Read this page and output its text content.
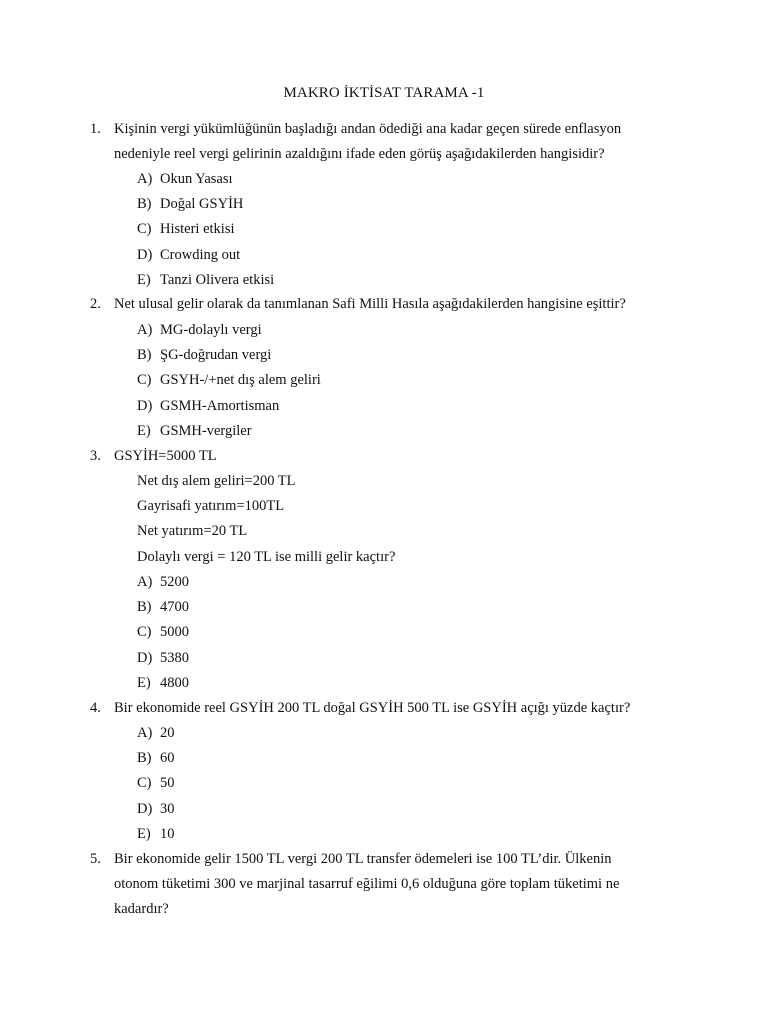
MAKRO İKTİSAT TARAMA -1
1. Kişinin vergi yükümlüğünün başladığı andan ödediği ana kadar geçen sürede enflasyon
nedeniyle reel vergi gelirinin azaldığını ifade eden görüş aşağıdakilerden hangisidir?
A) Okun Yasası
B) Doğal GSYİH
C) Histeri etkisi
D) Crowding out
E) Tanzi Olivera etkisi
2. Net ulusal gelir olarak da tanımlanan Safi Milli Hasıla aşağıdakilerden hangisine eşittir?
A) MG-dolaylı vergi
B) ŞG-doğrudan vergi
C) GSYH-/+net dış alem geliri
D) GSMH-Amortisman
E) GSMH-vergiler
3. GSYİH=5000 TL
Net dış alem geliri=200 TL
Gayrisafi yatırım=100TL
Net yatırım=20 TL
Dolaylı vergi = 120 TL ise milli gelir kaçtır?
A) 5200
B) 4700
C) 5000
D) 5380
E) 4800
4. Bir ekonomide reel GSYİH 200 TL doğal GSYİH 500 TL ise GSYİH açığı yüzde kaçtır?
A) 20
B) 60
C) 50
D) 30
E) 10
5. Bir ekonomide gelir 1500 TL vergi 200 TL transfer ödemeleri ise 100 TL’dir. Ülkenin
otonom tüketimi 300 ve marjinal tasarruf eğilimi 0,6 olduğuna göre toplam tüketimi ne
kadardır?
